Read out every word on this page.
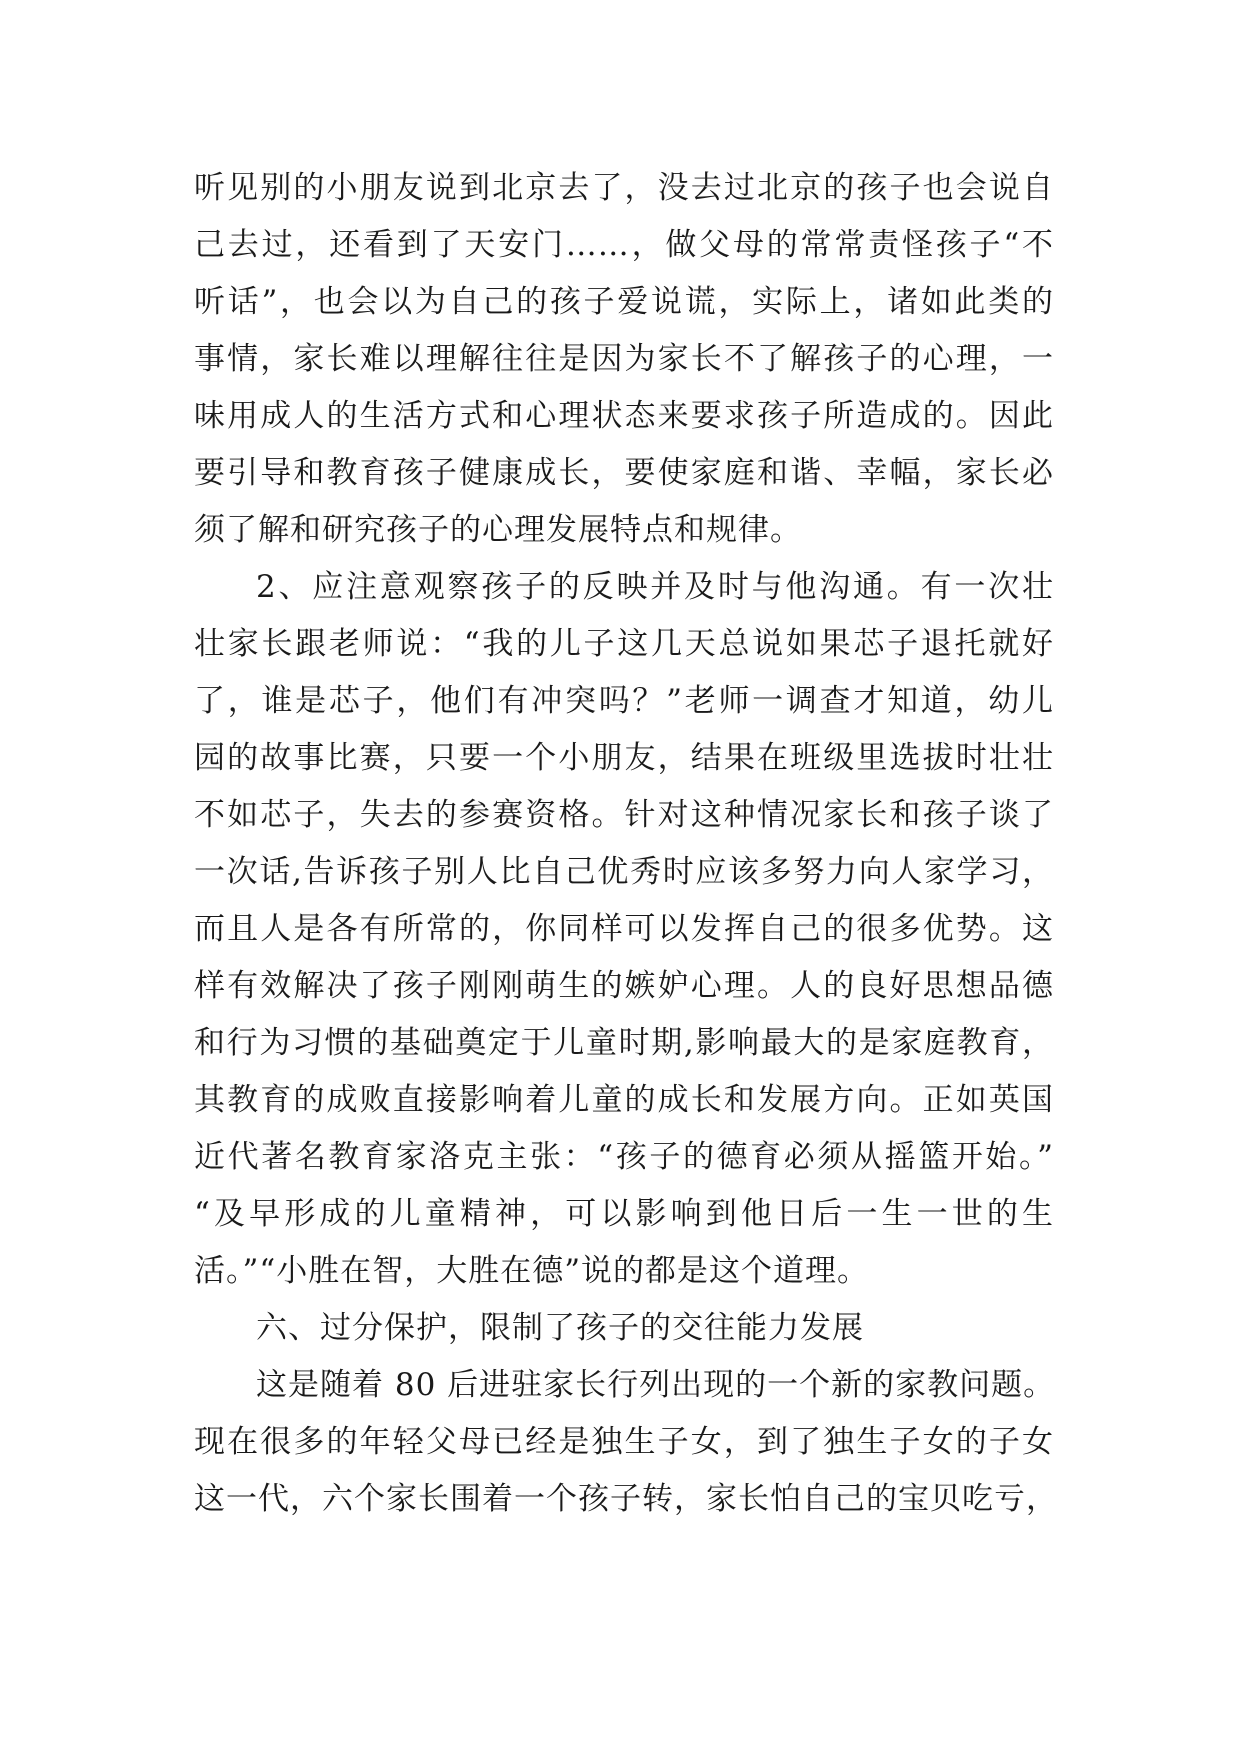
听见别的小朋友说到北京去了，没去过北京的孩子也会说自
己去过，还看到了天安门……，做父母的常常责怪孩子“不
听话”，也会以为自己的孩子爱说谎，实际上，诸如此类的
事情，家长难以理解往往是因为家长不了解孩子的心理，一
味用成人的生活方式和心理状态来要求孩子所造成的。因此
要引导和教育孩子健康成长，要使家庭和谐、幸幅，家长必
须了解和研究孩子的心理发展特点和规律。
2、应注意观察孩子的反映并及时与他沟通。有一次壮
壮家长跟老师说：“我的儿子这几天总说如果芯子退托就好
了，谁是芯子，他们有冲突吗？”老师一调查才知道，幼儿
园的故事比赛，只要一个小朋友，结果在班级里选拔时壮壮
不如芯子，失去的参赛资格。针对这种情况家长和孩子谈了
一次话,告诉孩子别人比自己优秀时应该多努力向人家学习，
而且人是各有所常的，你同样可以发挥自己的很多优势。这
样有效解决了孩子刚刚萌生的嫉妒心理。人的良好思想品德
和行为习惯的基础奠定于儿童时期,影响最大的是家庭教育，
其教育的成败直接影响着儿童的成长和发展方向。正如英国
近代著名教育家洛克主张：“孩子的德育必须从摇篮开始。”
“及早形成的儿童精神，可以影响到他日后一生一世的生
活。”“小胜在智，大胜在德”说的都是这个道理。
六、过分保护，限制了孩子的交往能力发展
这是随着 80 后进驻家长行列出现的一个新的家教问题。
现在很多的年轻父母已经是独生子女，到了独生子女的子女
这一代，六个家长围着一个孩子转，家长怕自己的宝贝吃亏，
